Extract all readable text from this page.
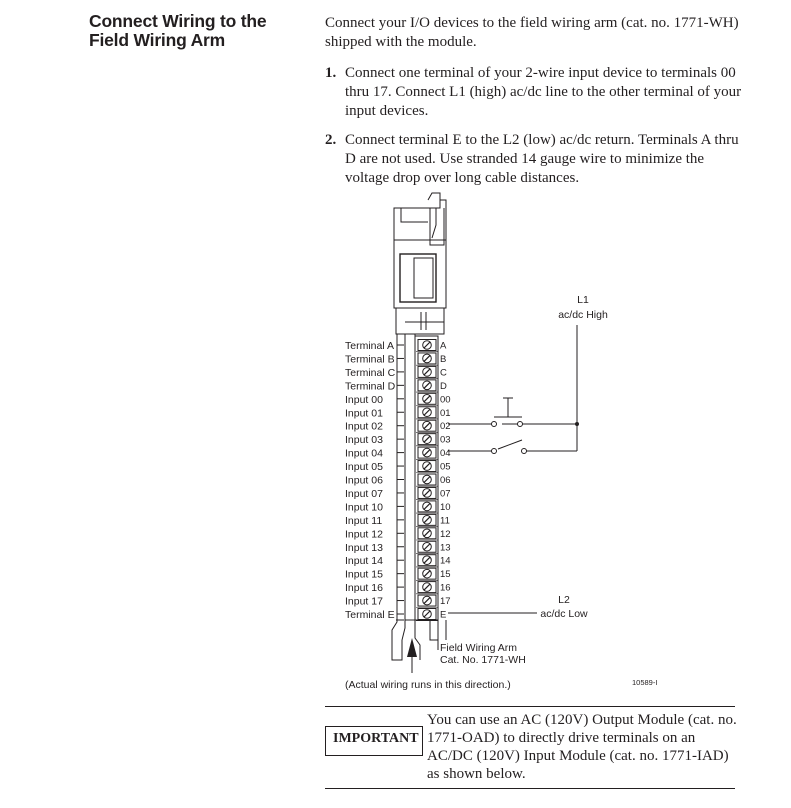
Connect Wiring to the
Field Wiring Arm

Connect your I/O devices to the field wiring arm (cat. no. 1771-WH) shipped with the module.

1. Connect one terminal of your 2-wire input device to terminals 00 thru 17. Connect L1 (high) ac/dc line to the other terminal of your input devices.
2. Connect terminal E to the L2 (low) ac/dc return. Terminals A thru D are not used. Use stranded 14 gauge wire to minimize the voltage drop over long cable distances.
Terminal A	A
Terminal B	B
Terminal C	C
Terminal D	D
Input 00	00
Input 01	01
Input 02	02
Input 03	03
Input 04	04
Input 05	05
Input 06	06
Input 07	07
Input 10	10
Input 11	11
Input 12	12
Input 13	13
Input 14	14
Input 15	15
Input 16	16
Input 17	17
Terminal E	E
L1
ac/dc High
L2
ac/dc Low
Field Wiring Arm
Cat. No. 1771-WH
(Actual wiring runs in this direction.)	10589-I
IMPORTANT

You can use an AC (120V) Output Module (cat. no. 1771-OAD) to directly drive terminals on an AC/DC (120V) Input Module (cat. no. 1771-IAD) as shown below.
